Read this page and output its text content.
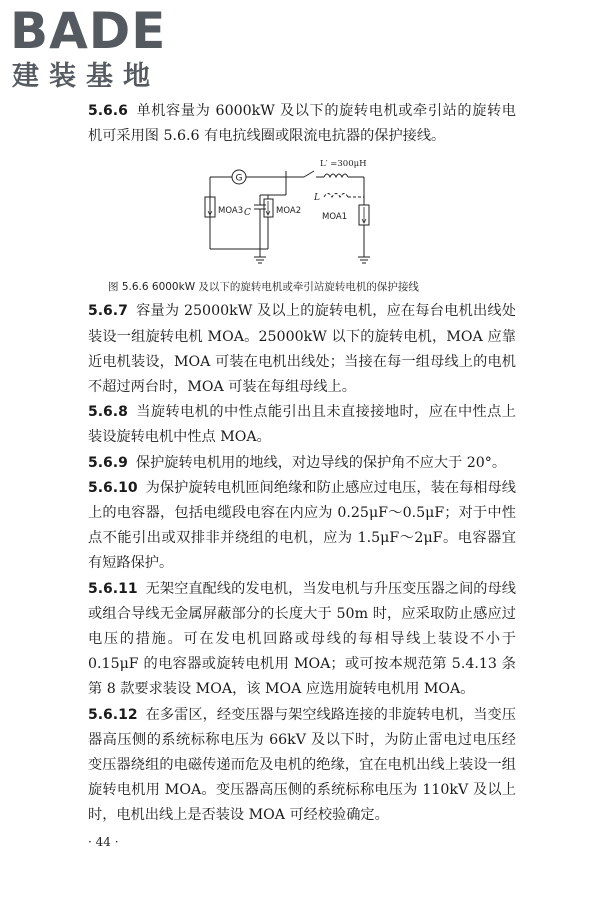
BADE
建装基地

5.6.6 单机容量为 6000kW 及以下的旋转电机或牵引站的旋转电机可采用图 5.6.6 有电抗线圈或限流电抗器的保护接线。

G
L′ =300μH
L
MOA1
C	MOA2
MOA3
图 5.6.6 6000kW 及以下的旋转电机或牵引站旋转电机的保护接线

5.6.7 容量为 25000kW 及以上的旋转电机，应在每台电机出线处装设一组旋转电机 MOA。25000kW 以下的旋转电机，MOA 应靠近电机装设，MOA 可装在电机出线处；当接在每一组母线上的电机不超过两台时，MOA 可装在每组母线上。

5.6.8 当旋转电机的中性点能引出且未直接接地时，应在中性点上装设旋转电机中性点 MOA。

5.6.9 保护旋转电机用的地线，对边导线的保护角不应大于 20°。

5.6.10 为保护旋转电机匝间绝缘和防止感应过电压，装在每相母线上的电容器，包括电缆段电容在内应为 0.25μF～0.5μF；对于中性点不能引出或双排非并绕组的电机，应为 1.5μF～2μF。电容器宜有短路保护。

5.6.11 无架空直配线的发电机，当发电机与升压变压器之间的母线或组合导线无金属屏蔽部分的长度大于 50m 时，应采取防止感应过电压的措施。可在发电机回路或母线的每相导线上装设不小于 0.15μF 的电容器或旋转电机用 MOA；或可按本规范第 5.4.13 条第 8 款要求装设 MOA，该 MOA 应选用旋转电机用 MOA。

5.6.12 在多雷区，经变压器与架空线路连接的非旋转电机，当变压器高压侧的系统标称电压为 66kV 及以下时，为防止雷电过电压经变压器绕组的电磁传递而危及电机的绝缘，宜在电机出线上装设一组旋转电机用 MOA。变压器高压侧的系统标称电压为 110kV 及以上时，电机出线上是否装设 MOA 可经校验确定。

· 44 ·
